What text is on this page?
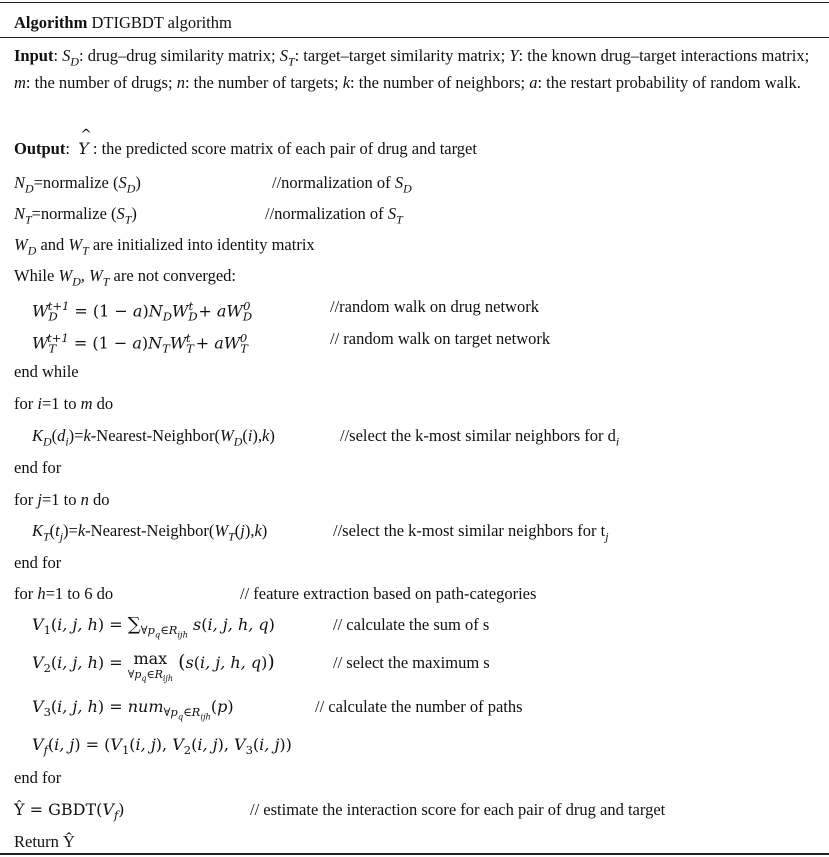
Algorithm DTIGBDT algorithm
Input: $S_D$: drug–drug similarity matrix; $S_T$: target–target similarity matrix; Y: the known drug–target interactions matrix; m: the number of drugs; n: the number of targets; k: the number of neighbors; a: the restart probability of random walk.
Output:
^
Y : the predicted score matrix of each pair of drug and target
$N_D=normalize$ $(S_D)$	//normalization of $S_D$
$N_T=normalize$ $(S_T)$	//normalization of $S_T$
$W_D$ and $W_T$ are initialized into identity matrix
While $W_D$, $W_T$ are not converged:
$W_D^{t+1} = (1 - a)N_DW_D^t + aW_D^0$	//random walk on drug network
$W_T^{t+1} = (1 - a)N_TW_T^t + aW_T^0$	// random walk on target network
end while
for i=1 to m do
$K_D(d_i)=k-Nearest-Neighbor(W_D(i),k)$	//select the k-most similar neighbors for $d_i$
end for
for j=1 to n do
$K_T(t_j)=k-Nearest-Neighbor(W_T(j),k)$	//select the k-most similar neighbors for $t_j$
end for
for h=1 to 6 do	// feature extraction based on path-categories
$V_1(i$, j, $h) = \sum_{\forall p_q\in R_{ijh}}$ s(i, j, h, q)	// calculate the sum of s
$V_2(i$, j, h) = max
$\forall p_q\in R_{ijh}$ (s(i, j, h, q))	// select the maximum s
$V_3(i$, j, h) = num$_{\forall p_q\in R_{ijh}}$(p)	// calculate the number of paths
$V_f(i$, $j) = (V_1(i$, j), $V_2(i$, j), $V_3(i$, j))
end for
Ŷ = $GBDT(V_f)$	// estimate the interaction score for each pair of drug and target
Return Ŷ
